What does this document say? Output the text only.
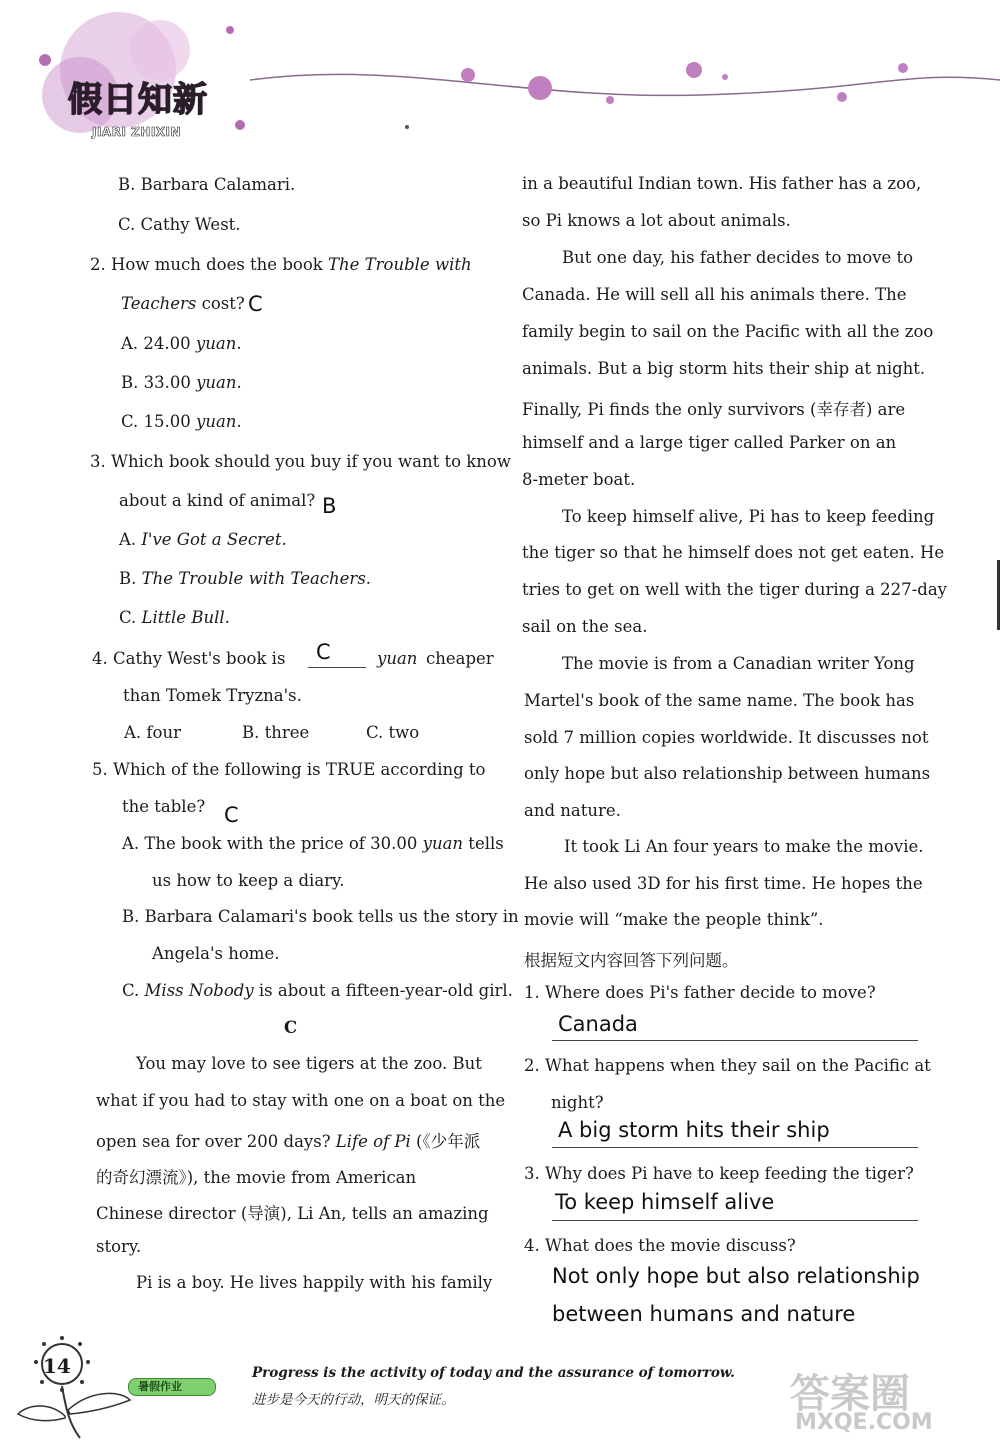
假日知新
JIARI ZHIXIN
B. Barbara Calamari.
C. Cathy West.
2. How much does the book The Trouble with
Teachers cost? C
A. 24.00 yuan.
B. 33.00 yuan.
C. 15.00 yuan.
3. Which book should you buy if you want to know
about a kind of animal? B
A. I've Got a Secret.
B. The Trouble with Teachers.
C. Little Bull.
4. Cathy West's book is C	yuan cheaper
than Tomek Tryzna's.
A. four	B. three	C. two
5. Which of the following is TRUE according to
the table? C
A. The book with the price of 30.00 yuan tells
us how to keep a diary.
B. Barbara Calamari's book tells us the story in
Angela's home.
C. Miss Nobody is about a fifteen-year-old girl.
C
You may love to see tigers at the zoo. But
what if you had to stay with one on a boat on the
open sea for over 200 days? Life of Pi (《少年派
的奇幻漂流》), the movie from American
Chinese director (导演), Li An, tells an amazing
story.
Pi is a boy. He lives happily with his family
in a beautiful Indian town. His father has a zoo,
so Pi knows a lot about animals.
But one day, his father decides to move to
Canada. He will sell all his animals there. The
family begin to sail on the Pacific with all the zoo
animals. But a big storm hits their ship at night.
Finally, Pi finds the only survivors (幸存者) are
himself and a large tiger called Parker on an
8-meter boat.
To keep himself alive, Pi has to keep feeding
the tiger so that he himself does not get eaten. He
tries to get on well with the tiger during a 227-day
sail on the sea.
The movie is from a Canadian writer Yong
Martel's book of the same name. The book has
sold 7 million copies worldwide. It discusses not
only hope but also relationship between humans
and nature.
It took Li An four years to make the movie.
He also used 3D for his first time. He hopes the
movie will “make the people think”.
根据短文内容回答下列问题。
1. Where does Pi's father decide to move?
Canada
2. What happens when they sail on the Pacific at
night?
A big storm hits their ship
3. Why does Pi have to keep feeding the tiger?
To keep himself alive
4. What does the movie discuss?
Not only hope but also relationship
between humans and nature
14
暑假作业
Progress is the activity of today and the assurance of tomorrow.
进步是今天的行动，明天的保证。	答案圈
MXQE.COM
